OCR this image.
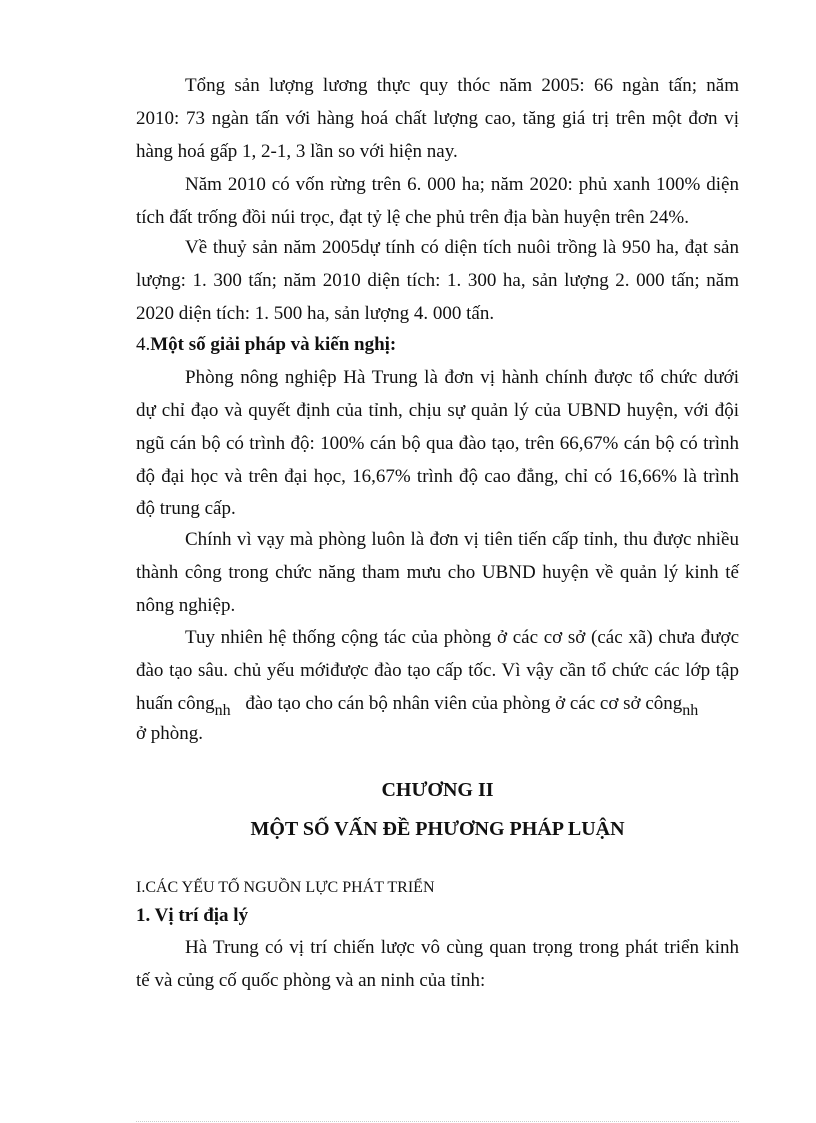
Tổng sản lượng lương thực quy thóc năm 2005: 66 ngàn tấn; năm
2010: 73 ngàn tấn với hàng hoá chất lượng cao, tăng giá trị trên một đơn vị
hàng hoá gấp 1, 2-1, 3 lần so với hiện nay.
Năm 2010 có vốn rừng trên 6. 000 ha; năm 2020: phủ xanh 100% diện
tích đất trống đồi núi trọc, đạt tỷ lệ che phủ trên địa bàn huyện trên 24%.
Về thuỷ sản năm 2005dự tính có diện tích nuôi trồng là 950 ha, đạt sản
lượng: 1. 300 tấn; năm 2010 diện tích: 1. 300 ha, sản lượng 2. 000 tấn; năm
2020 diện tích: 1. 500 ha, sản lượng 4. 000 tấn.
4.Một số giải pháp và kiến nghị:
Phòng nông nghiệp Hà Trung là đơn vị hành chính được tổ chức dưới
dự chỉ đạo và quyết định của tỉnh, chịu sự quản lý của UBND huyện, với đội
ngũ cán bộ có trình độ: 100% cán bộ qua đào tạo, trên 66,67% cán bộ có trình
độ đại học và trên đại học, 16,67% trình độ cao đẳng, chỉ có 16,66% là trình
độ trung cấp.
Chính vì vạy mà phòng luôn là đơn vị tiên tiến cấp tỉnh, thu được nhiều
thành công trong chức năng tham mưu cho UBND huyện về quản lý kinh tế
nông nghiệp.
Tuy nhiên hệ thống cộng tác của phòng ở các cơ sở (các xã) chưa được
đào tạo sâu. chủ yếu mớiđược đào tạo cấp tốc. Vì vậy cần tổ chức các lớp tập
huấn công$_{nh}$ đào tạo cho cán bộ nhân viên của phòng ở các cơ sở công$_{nh}$
ở phòng.
CHƯƠNG II
MỘT SỐ VẤN ĐỀ PHƯƠNG PHÁP LUẬN
I.CÁC YẾU TỐ NGUỒN LỰC PHÁT TRIỂN
1. Vị trí địa lý
Hà Trung có vị trí chiến lược vô cùng quan trọng trong phát triển kinh
tế và củng cố quốc phòng và an ninh của tỉnh:
